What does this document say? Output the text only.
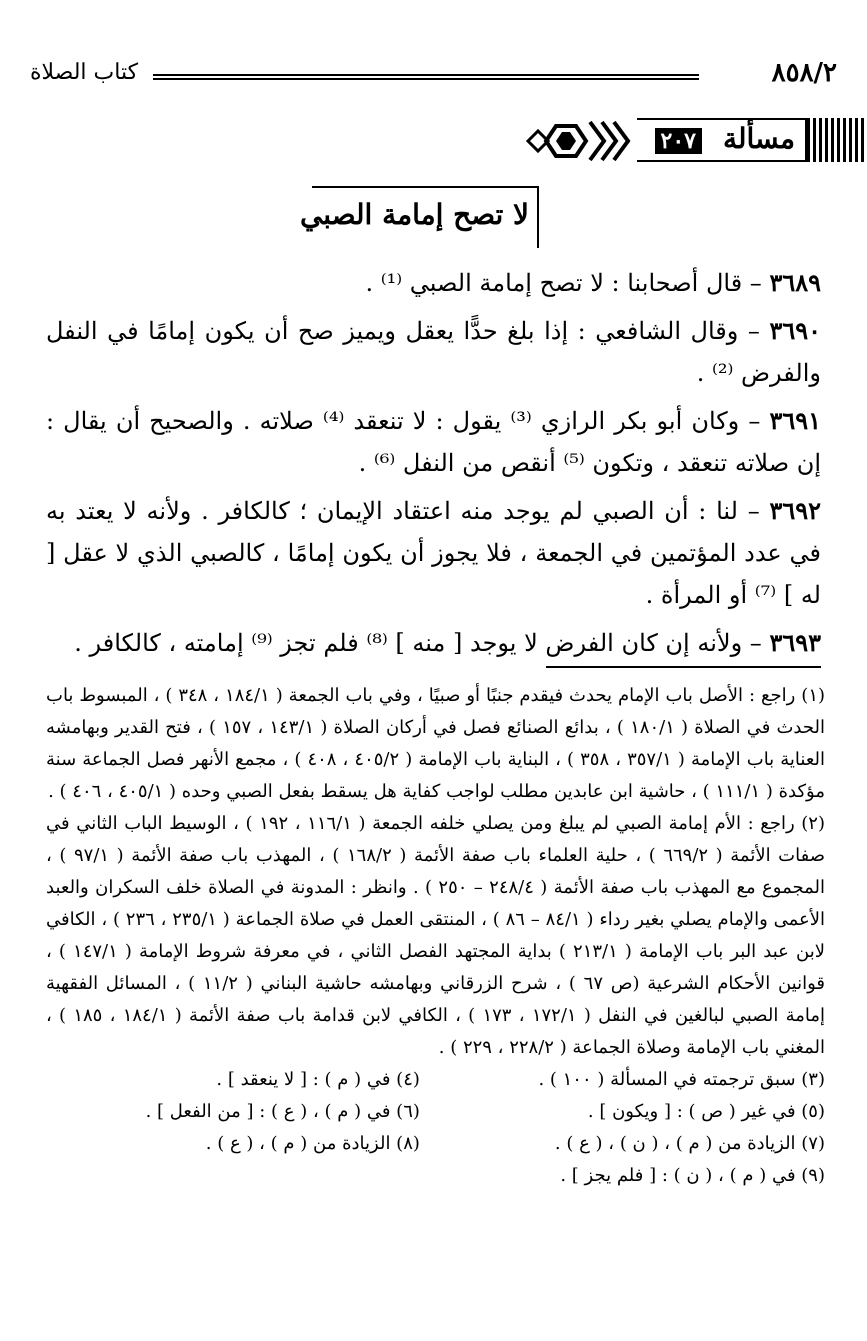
٨٥٨/٢
كتاب الصلاة
مسألة
٢٠٧
لا تصح إمامة الصبي

٣٦٨٩ – قال أصحابنا : لا تصح إمامة الصبي ⁽¹⁾ .

٣٦٩٠ – وقال الشافعي : إذا بلغ حدًّا يعقل ويميز صح أن يكون إمامًا في النفل والفرض ⁽²⁾ .

٣٦٩١ – وكان أبو بكر الرازي ⁽³⁾ يقول : لا تنعقد ⁽⁴⁾ صلاته . والصحيح أن يقال : إن صلاته تنعقد ، وتكون ⁽⁵⁾ أنقص من النفل ⁽⁶⁾ .

٣٦٩٢ – لنا : أن الصبي لم يوجد منه اعتقاد الإيمان ؛ كالكافر . ولأنه لا يعتد به في عدد المؤتمين في الجمعة ، فلا يجوز أن يكون إمامًا ، كالصبي الذي لا عقل [ له ] ⁽⁷⁾ أو المرأة .

٣٦٩٣ – ولأنه إن كان الفرض لا يوجد [ منه ] ⁽⁸⁾ فلم تجز ⁽⁹⁾ إمامته ، كالكافر .

(١) راجع : الأصل باب الإمام يحدث فيقدم جنبًا أو صبيًا ، وفي باب الجمعة ( ١٨٤/١ ، ٣٤٨ ) ، المبسوط باب الحدث في الصلاة ( ١٨٠/١ ) ، بدائع الصنائع فصل في أركان الصلاة ( ١٤٣/١ ، ١٥٧ ) ، فتح القدير وبهامشه العناية باب الإمامة ( ٣٥٧/١ ، ٣٥٨ ) ، البناية باب الإمامة ( ٤٠٥/٢ ، ٤٠٨ ) ، مجمع الأنهر فصل الجماعة سنة مؤكدة ( ١١١/١ ) ، حاشية ابن عابدين مطلب لواجب كفاية هل يسقط بفعل الصبي وحده ( ٤٠٥/١ ، ٤٠٦ ) .

(٢) راجع : الأم إمامة الصبي لم يبلغ ومن يصلي خلفه الجمعة ( ١١٦/١ ، ١٩٢ ) ، الوسيط الباب الثاني في صفات الأئمة ( ٦٦٩/٢ ) ، حلية العلماء باب صفة الأئمة ( ١٦٨/٢ ) ، المهذب باب صفة الأئمة ( ٩٧/١ ) ، المجموع مع المهذب باب صفة الأئمة ( ٢٤٨/٤ – ٢٥٠ ) . وانظر : المدونة في الصلاة خلف السكران والعبد الأعمى والإمام يصلي بغير رداء ( ٨٤/١ – ٨٦ ) ، المنتقى العمل في صلاة الجماعة ( ٢٣٥/١ ، ٢٣٦ ) ، الكافي لابن عبد البر باب الإمامة ( ٢١٣/١ ) بداية المجتهد الفصل الثاني ، في معرفة شروط الإمامة ( ١٤٧/١ ) ، قوانين الأحكام الشرعية (ص ٦٧ ) ، شرح الزرقاني وبهامشه حاشية البناني ( ١١/٢ ) ، المسائل الفقهية إمامة الصبي لبالغين في النفل ( ١٧٢/١ ، ١٧٣ ) ، الكافي لابن قدامة باب صفة الأئمة ( ١٨٤/١ ، ١٨٥ ) ، المغني باب الإمامة وصلاة الجماعة ( ٢٢٨/٢ ، ٢٢٩ ) .

(٣) سبق ترجمته في المسألة ( ١٠٠ ) .
(٤) في ( م ) : [ لا ينعقد ] .
(٥) في غير ( ص ) : [ ويكون ] .
(٦) في ( م ) ، ( ع ) : [ من الفعل ] .
(٧) الزيادة من ( م ) ، ( ن ) ، ( ع ) .
(٨) الزيادة من ( م ) ، ( ع ) .

(٩) في ( م ) ، ( ن ) : [ فلم يجز ] .
